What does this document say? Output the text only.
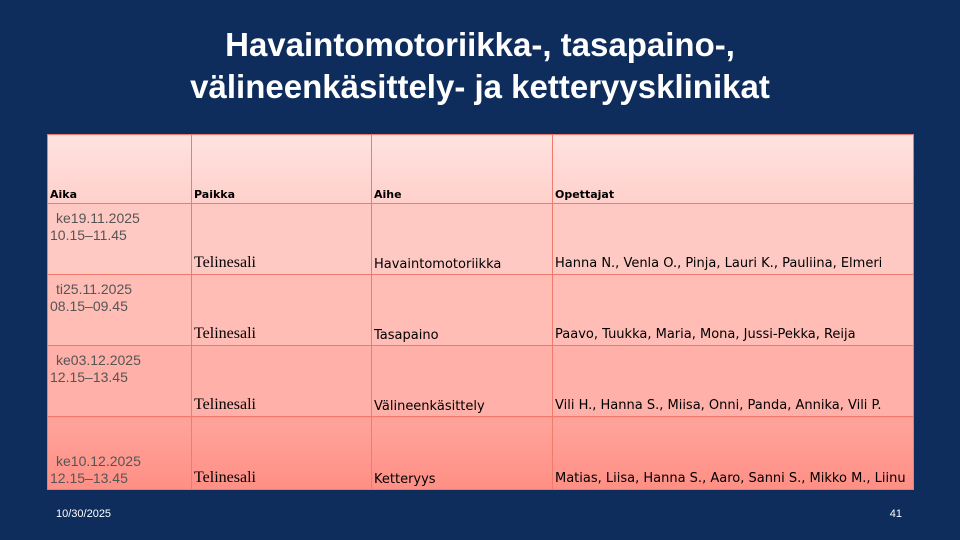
Havaintomotoriikka-, tasapaino-,
välineenkäsittely- ja ketteryysklinikat
Aika	Paikka	Aihe	Opettajat

ke19.11.2025
10.15–11.45	Telinesali	Havaintomotoriikka	Hanna N., Venla O., Pinja, Lauri K., Pauliina, Elmeri

ti25.11.2025
08.15–09.45	Telinesali	Tasapaino	Paavo, Tuukka, Maria, Mona, Jussi-Pekka, Reija

ke03.12.2025
12.15–13.45	Telinesali	Välineenkäsittely	Vili H., Hanna S., Miisa, Onni, Panda, Annika, Vili P.

ke10.12.2025
12.15–13.45	Telinesali	Ketteryys	Matias, Liisa, Hanna S., Aaro, Sanni S., Mikko M., Liinu
10/30/2025	41
